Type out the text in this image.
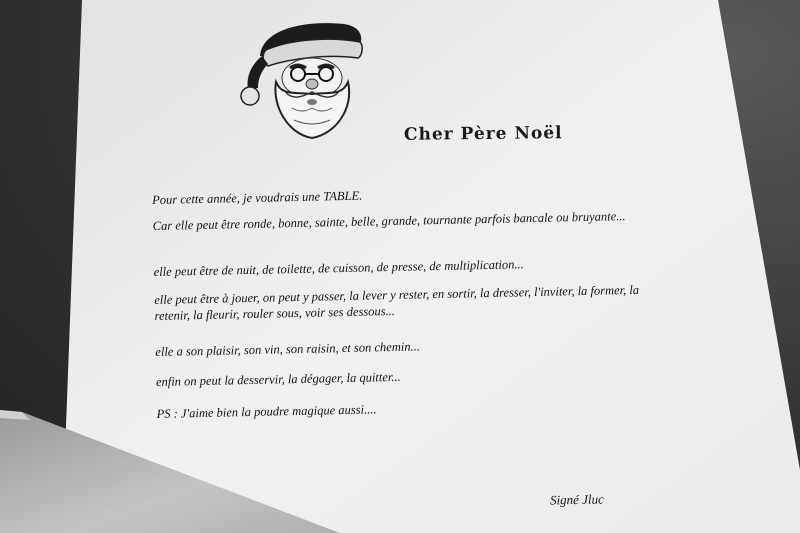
Cher Père Noël

Pour cette année, je voudrais une TABLE.

Car elle peut être ronde, bonne, sainte, belle, grande, tournante parfois bancale ou bruyante...

elle peut être de nuit, de toilette, de cuisson, de presse, de multiplication...

elle peut être à jouer, on peut y passer, la lever y rester, en sortir, la dresser, l'inviter, la former, la retenir, la fleurir, rouler sous, voir ses dessous...

elle a son plaisir, son vin, son raisin, et son chemin...

enfin on peut la desservir, la dégager, la quitter...

PS : J'aime bien la poudre magique aussi....

Signé Jluc
